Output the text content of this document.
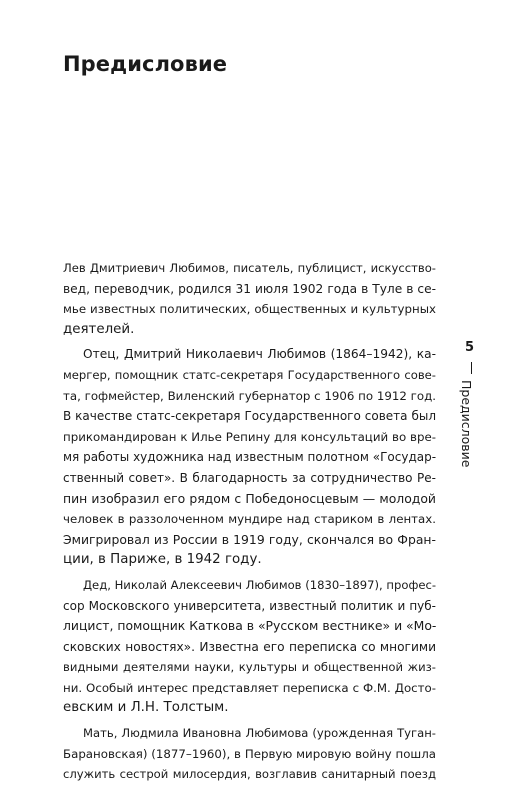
Предисловие
Лев Дмитриевич Любимов, писатель, публицист, искусство-
вед, переводчик, родился 31 июля 1902 года в Туле в се-
мье известных политических, общественных и культурных
деятелей.
Отец, Дмитрий Николаевич Любимов (1864–1942), ка-
мергер, помощник статс-секретаря Государственного сове-
та, гофмейстер, Виленский губернатор с 1906 по 1912 год.
В качестве статс-секретаря Государственного совета был
прикомандирован к Илье Репину для консультаций во вре-
мя работы художника над известным полотном «Государ-
ственный совет». В благодарность за сотрудничество Ре-
пин изобразил его рядом с Победоносцевым — молодой
человек в раззолоченном мундире над стариком в лентах.
Эмигрировал из России в 1919 году, скончался во Фран-
ции, в Париже, в 1942 году.
Дед, Николай Алексеевич Любимов (1830–1897), профес-
сор Московского университета, известный политик и пуб-
лицист, помощник Каткова в «Русском вестнике» и «Мо-
сковских новостях». Известна его переписка со многими
видными деятелями науки, культуры и общественной жиз-
ни. Особый интерес представляет переписка с Ф.М. Досто-
евским и Л.Н. Толстым.
Мать, Людмила Ивановна Любимова (урожденная Туган-
Барановская) (1877–1960), в Первую мировую войну пошла
служить сестрой милосердия, возглавив санитарный поезд
5
Предисловие
